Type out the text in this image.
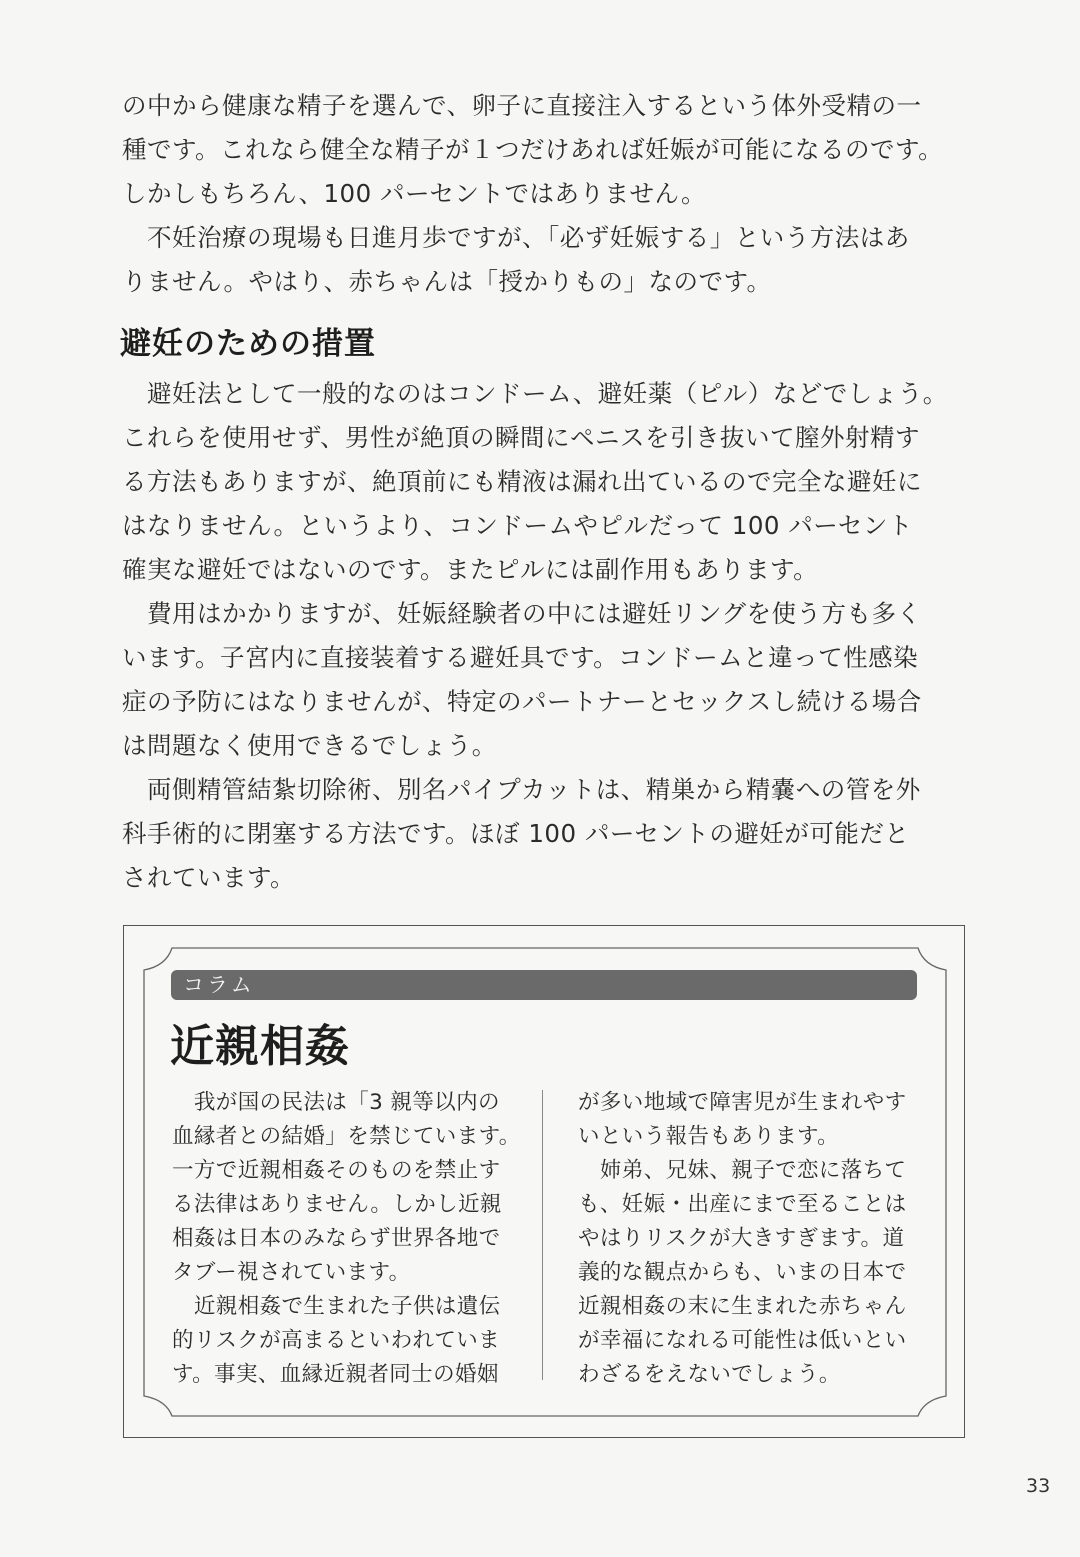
の中から健康な精子を選んで、卵子に直接注入するという体外受精の一
種です。これなら健全な精子が１つだけあれば妊娠が可能になるのです。
しかしもちろん、100 パーセントではありません。
　不妊治療の現場も日進月歩ですが、「必ず妊娠する」という方法はあ
りません。やはり、赤ちゃんは「授かりもの」なのです。
避妊のための措置
　避妊法として一般的なのはコンドーム、避妊薬（ピル）などでしょう。
これらを使用せず、男性が絶頂の瞬間にペニスを引き抜いて膣外射精す
る方法もありますが、絶頂前にも精液は漏れ出ているので完全な避妊に
はなりません。というより、コンドームやピルだって 100 パーセント
確実な避妊ではないのです。またピルには副作用もあります。
　費用はかかりますが、妊娠経験者の中には避妊リングを使う方も多く
います。子宮内に直接装着する避妊具です。コンドームと違って性感染
症の予防にはなりませんが、特定のパートナーとセックスし続ける場合
は問題なく使用できるでしょう。
　両側精管結紮切除術、別名パイプカットは、精巣から精嚢への管を外
科手術的に閉塞する方法です。ほぼ 100 パーセントの避妊が可能だと
されています。
コラム
近親相姦
　我が国の民法は「3 親等以内の
血縁者との結婚」を禁じています。
一方で近親相姦そのものを禁止す
る法律はありません。しかし近親
相姦は日本のみならず世界各地で
タブー視されています。
　近親相姦で生まれた子供は遺伝
的リスクが高まるといわれていま
す。事実、血縁近親者同士の婚姻
が多い地域で障害児が生まれやす
いという報告もあります。
　姉弟、兄妹、親子で恋に落ちて
も、妊娠・出産にまで至ることは
やはりリスクが大きすぎます。道
義的な観点からも、いまの日本で
近親相姦の末に生まれた赤ちゃん
が幸福になれる可能性は低いとい
わざるをえないでしょう。
33
